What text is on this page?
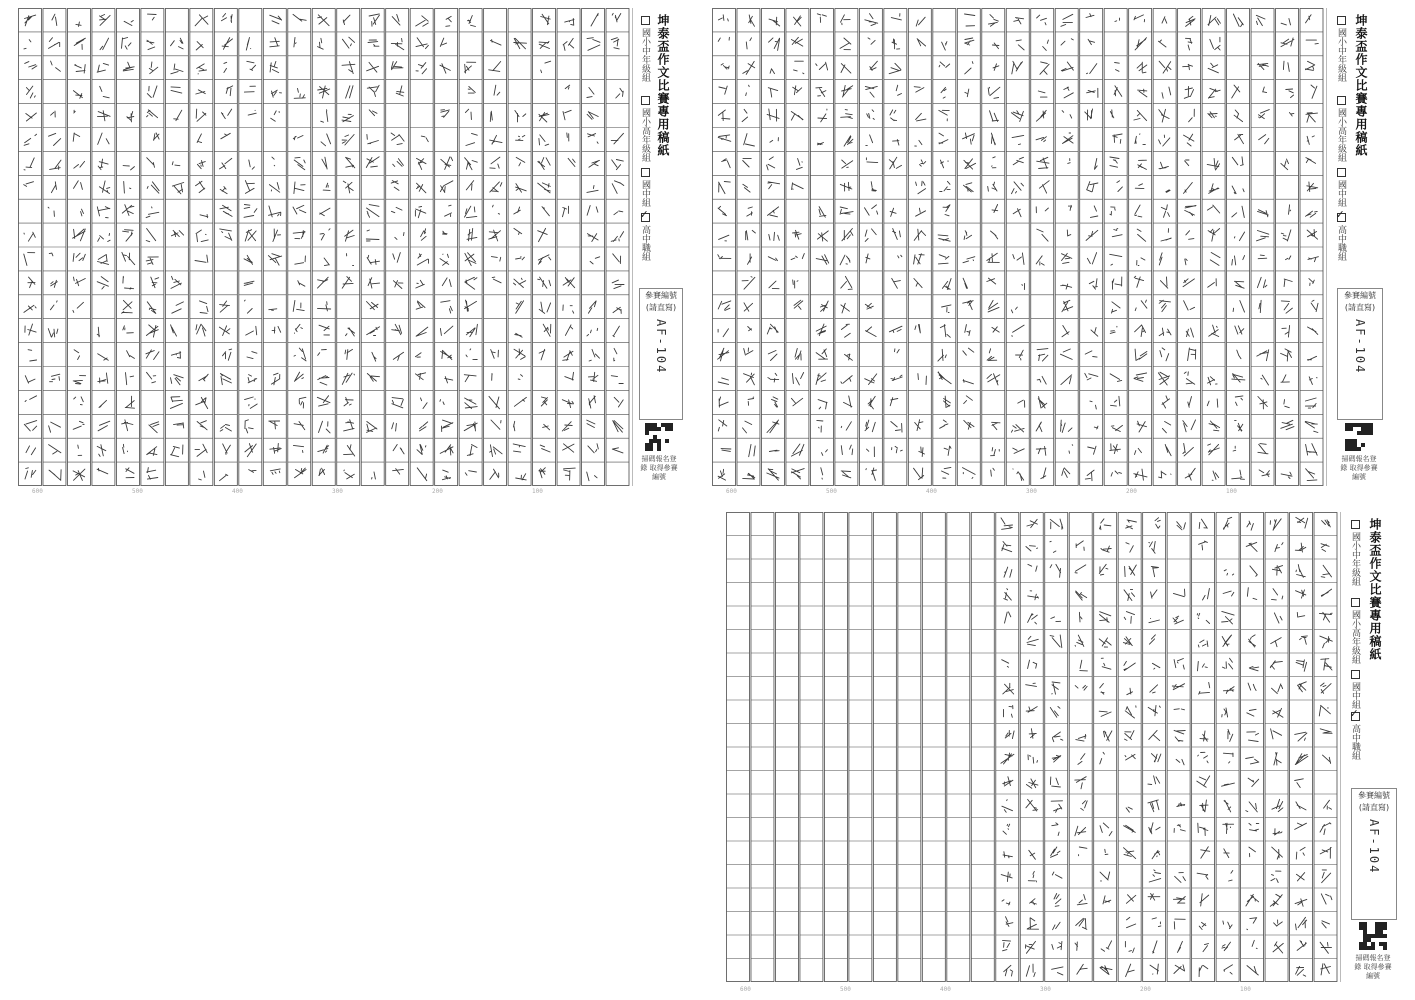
坤泰盃作文比賽專用稿紙
國小中年級組
國小高年級組
國中組
✓高中職組
參賽編號
(請直寫)
AF-104
掃碼報名登錄 取得參賽編號
600	500	400	300	200	100
坤泰盃作文比賽專用稿紙
國小中年級組
國小高年級組
國中組
✓高中職組
參賽編號
(請直寫)
AF-104
掃碼報名登錄 取得參賽編號
600	500	400	300	200	100
坤泰盃作文比賽專用稿紙
國小中年級組
國小高年級組
國中組
✓高中職組
參賽編號
(請直寫)
AF-104
掃碼報名登錄 取得參賽編號
600	500	400	300	200	100
